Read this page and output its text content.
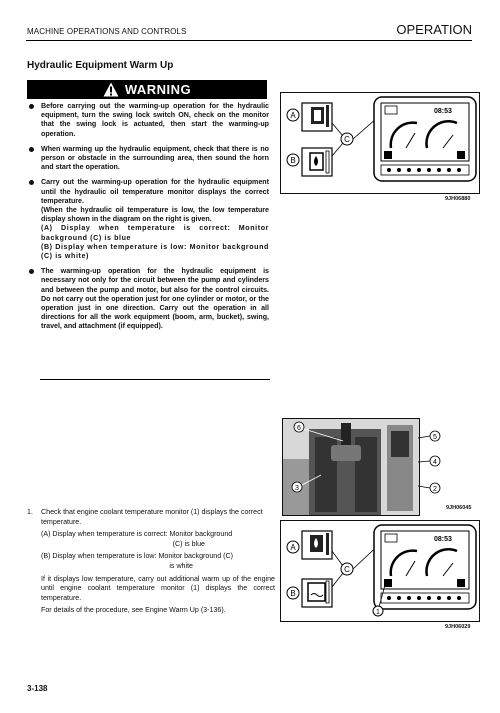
MACHINE OPERATIONS AND CONTROLS	OPERATION
Hydraulic Equipment Warm Up
WARNING
Before carrying out the warming-up operation for the hydraulic equipment, turn the swing lock switch ON, check on the monitor that the swing lock is actuated, then start the warming-up operation.
When warming up the hydraulic equipment, check that there is no person or obstacle in the surrounding area, then sound the horn and start the operation.
Carry out the warming-up operation for the hydraulic equipment until the hydraulic oil temperature monitor displays the correct temperature.
(When the hydraulic oil temperature is low, the low temperature display shown in the diagram on the right is given.
(A) Display when temperature is correct: Monitor background (C) is blue
(B) Display when temperature is low: Monitor background (C) is white)
The warming-up operation for the hydraulic equipment is necessary not only for the circuit between the pump and cylinders and between the pump and motor, but also for the control circuits. Do not carry out the operation just for one cylinder or motor, or the operation just in one direction. Carry out the operation in all directions for all the work equipment (boom, arm, bucket), swing, travel, and attachment (if equipped).
A
B
C
08:53
9JH06880
6
3
5
4
2
9JH06045
A
B
C
08:53
1
9JH06029
1. Check that engine coolant temperature monitor (1) displays the correct temperature.

(A) Display when temperature is correct: Monitor background

(C) is blue

(B) Display when temperature is low: Monitor background (C)

is white

If it displays low temperature, carry out additional warm up of the engine until engine coolant temperature monitor (1) displays the correct temperature.

For details of the procedure, see Engine Warm Up (3-136).

3-138
